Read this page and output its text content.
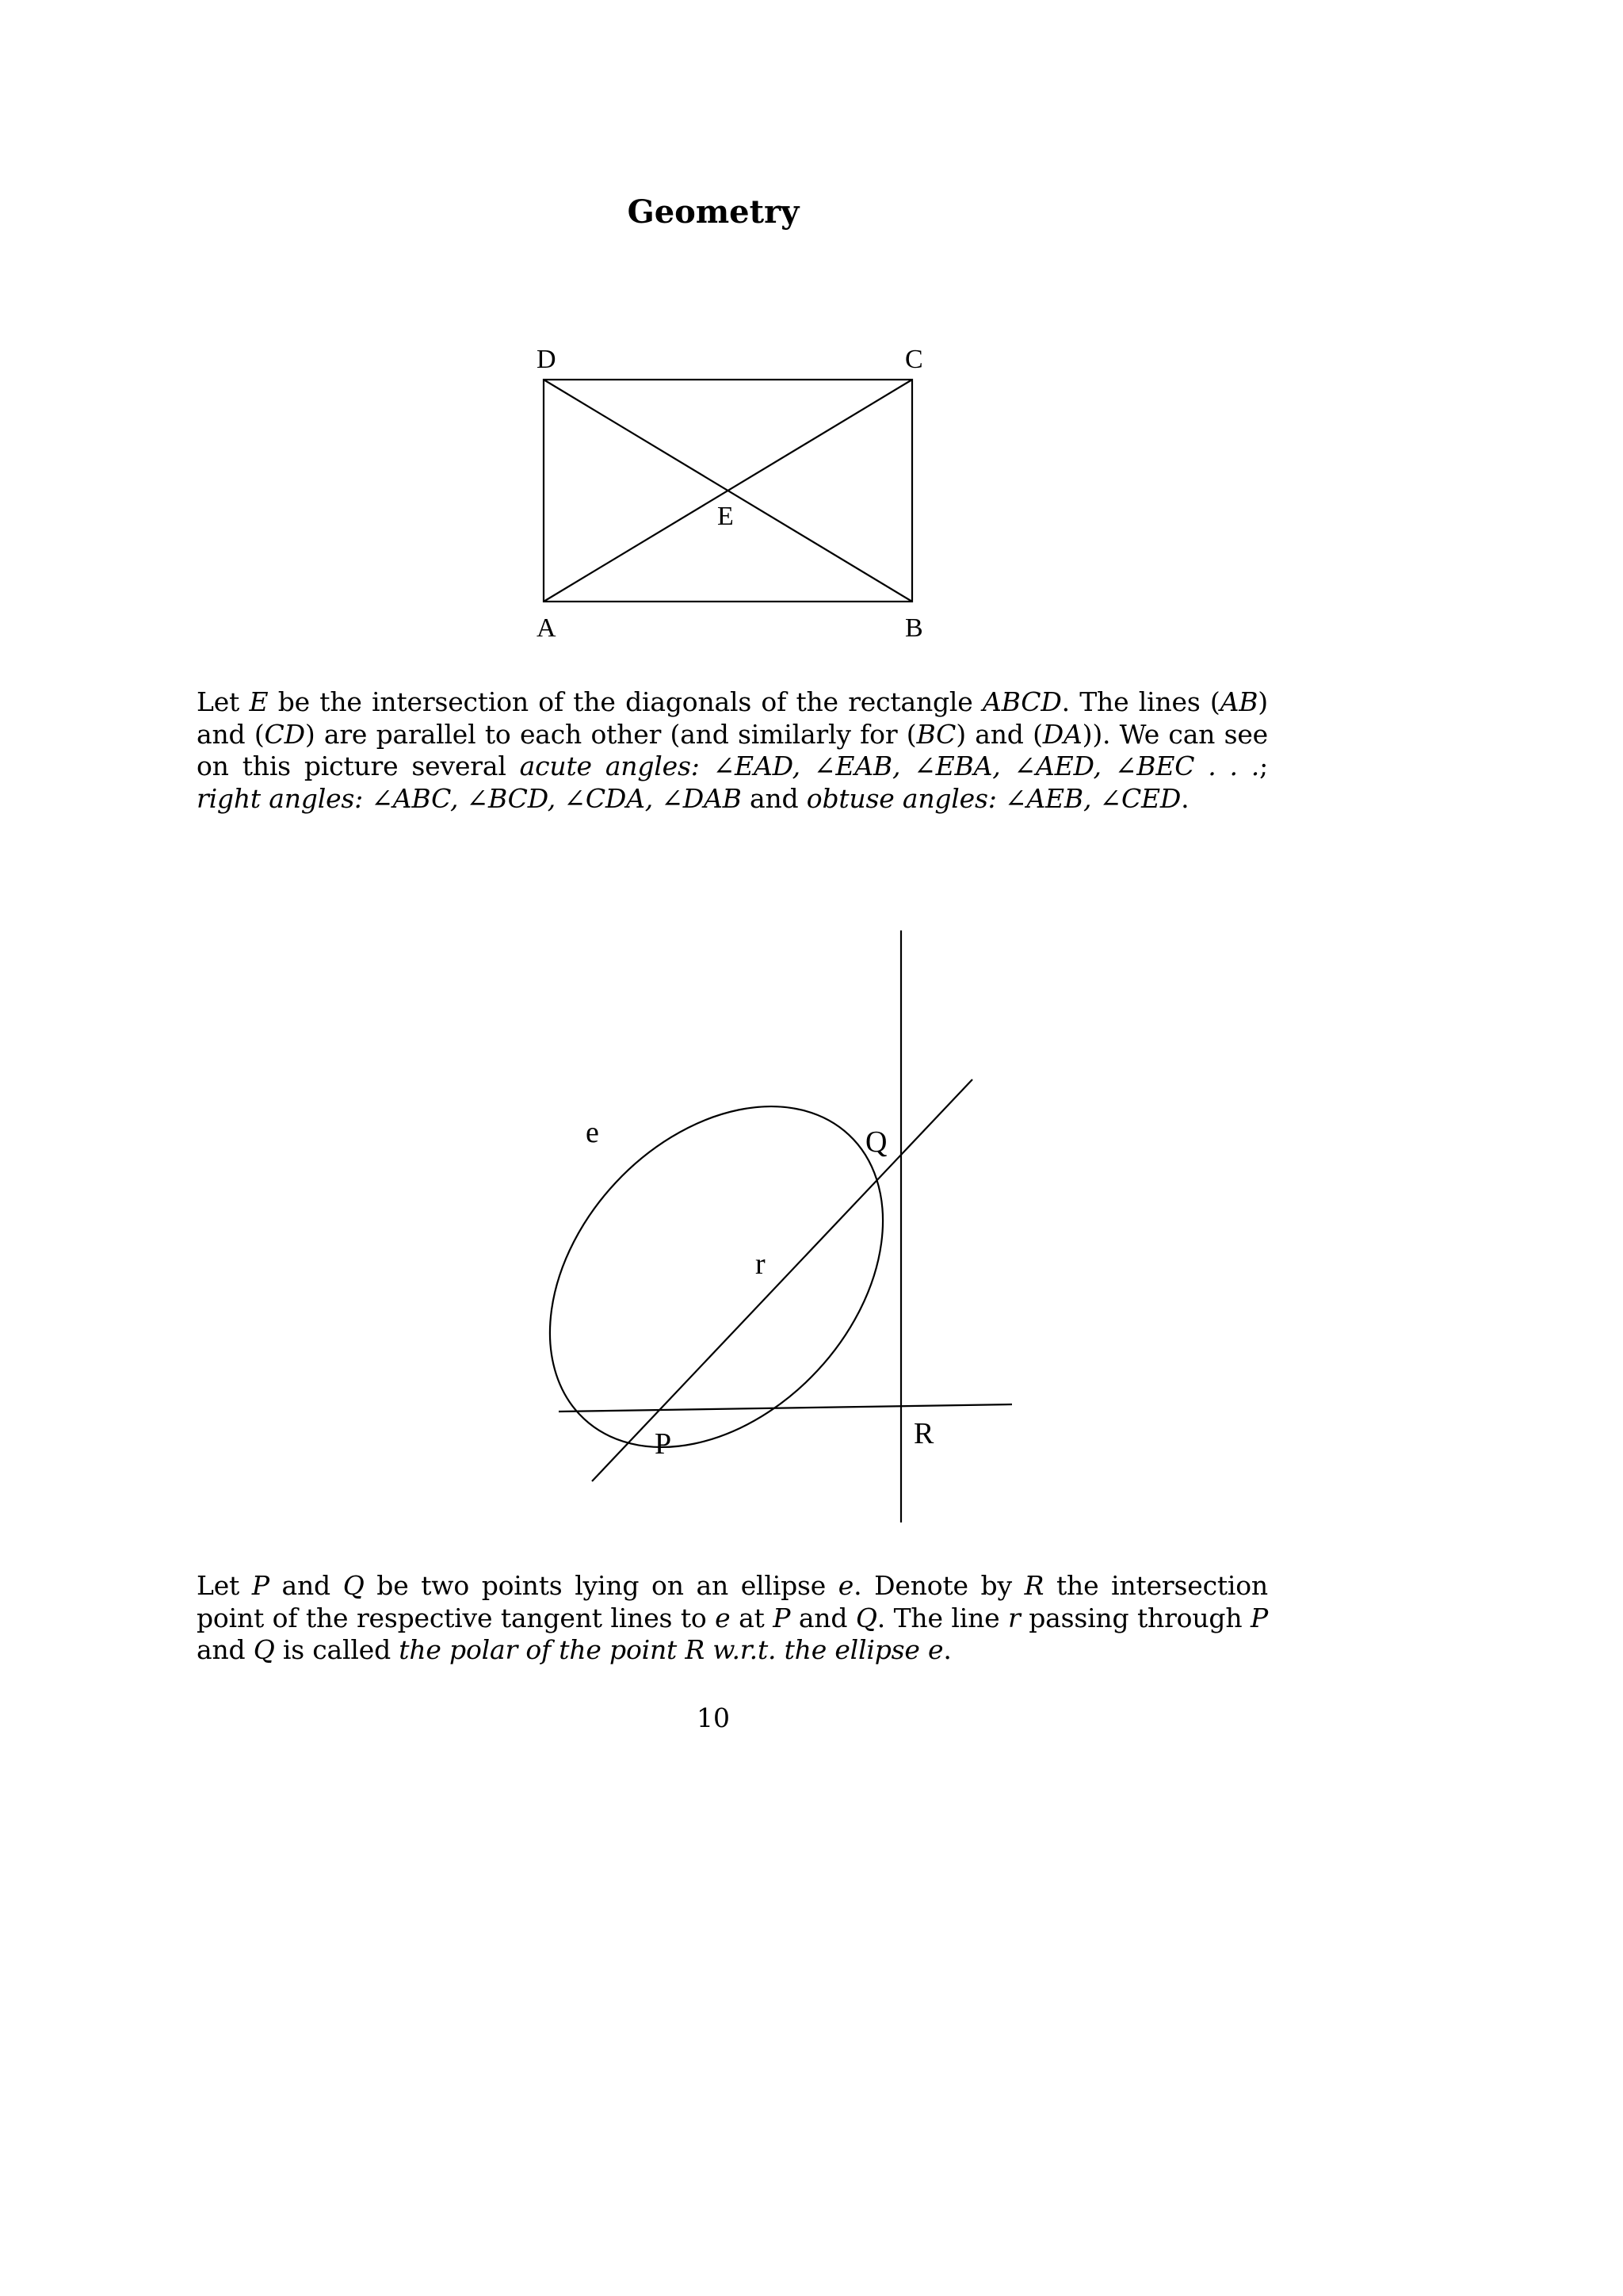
Geometry
D	C
E
A	B
Let E be the intersection of the diagonals of the rectangle ABCD. The lines (AB) and (CD) are parallel to each other (and similarly for (BC) and (DA)). We can see on this picture several acute angles: ∠EAD, ∠EAB, ∠EBA, ∠AED, ∠BEC . . .; right angles: ∠ABC, ∠BCD, ∠CDA, ∠DAB and obtuse angles: ∠AEB, ∠CED.
e	Q
r
P	R
Let P and Q be two points lying on an ellipse e. Denote by R the intersection point of the respective tangent lines to e at P and Q. The line r passing through P and Q is called the polar of the point R w.r.t. the ellipse e.
10
